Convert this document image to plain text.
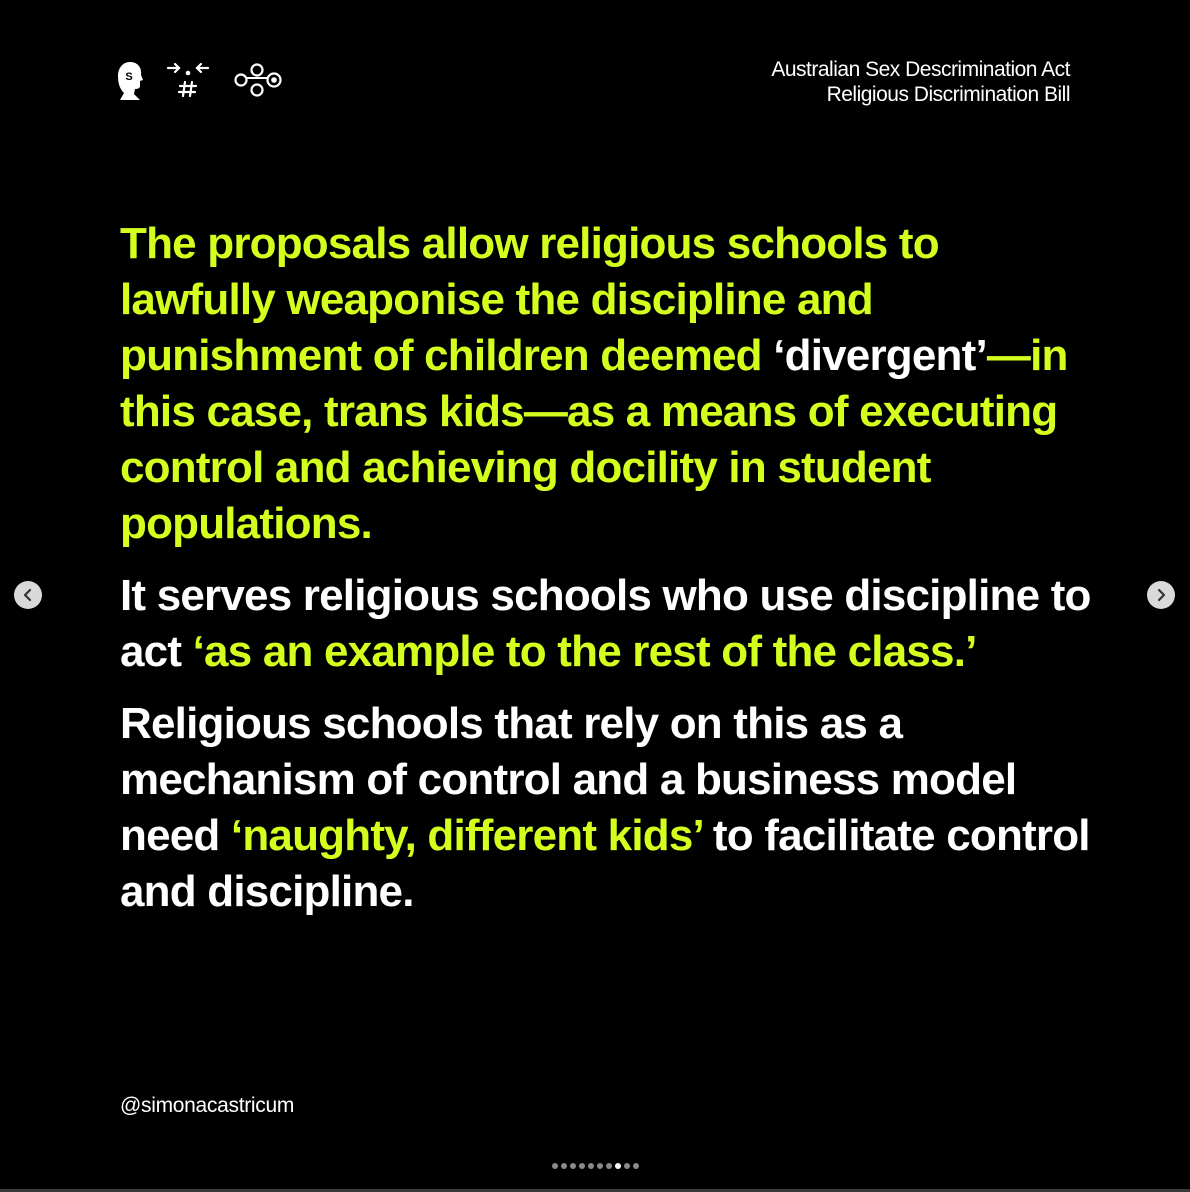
S	Australian Sex Descrimination Act
Religious Discrimination Bill

The proposals allow religious schools to lawfully weaponise the discipline and punishment of children deemed ‘divergent’—in this case, trans kids—as a means of executing control and achieving docility in student populations.

It serves religious schools who use discipline to act ‘as an example to the rest of the class.’

Religious schools that rely on this as a mechanism of control and a business model need ‘naughty, different kids’ to facilitate control and discipline.

@simonacastricum
